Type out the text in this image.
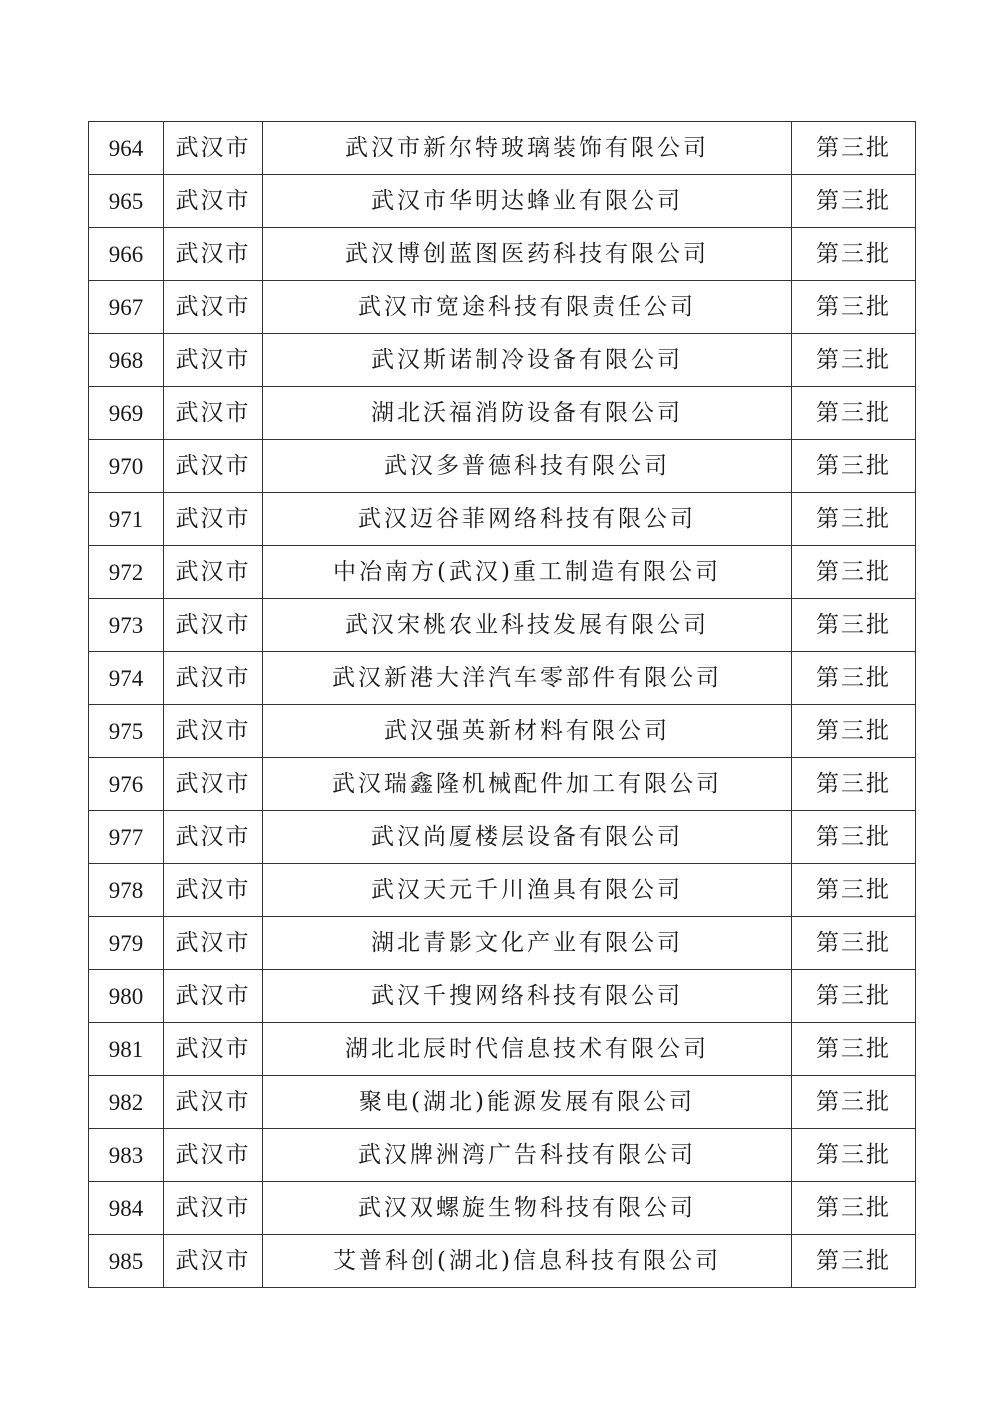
964	武汉市	武汉市新尔特玻璃装饰有限公司	第三批
965	武汉市	武汉市华明达蜂业有限公司	第三批
966	武汉市	武汉博创蓝图医药科技有限公司	第三批
967	武汉市	武汉市宽途科技有限责任公司	第三批
968	武汉市	武汉斯诺制冷设备有限公司	第三批
969	武汉市	湖北沃福消防设备有限公司	第三批
970	武汉市	武汉多普德科技有限公司	第三批
971	武汉市	武汉迈谷菲网络科技有限公司	第三批
972	武汉市	中冶南方(武汉)重工制造有限公司	第三批
973	武汉市	武汉宋桃农业科技发展有限公司	第三批
974	武汉市	武汉新港大洋汽车零部件有限公司	第三批
975	武汉市	武汉强英新材料有限公司	第三批
976	武汉市	武汉瑞鑫隆机械配件加工有限公司	第三批
977	武汉市	武汉尚厦楼层设备有限公司	第三批
978	武汉市	武汉天元千川渔具有限公司	第三批
979	武汉市	湖北青影文化产业有限公司	第三批
980	武汉市	武汉千搜网络科技有限公司	第三批
981	武汉市	湖北北辰时代信息技术有限公司	第三批
982	武汉市	聚电(湖北)能源发展有限公司	第三批
983	武汉市	武汉牌洲湾广告科技有限公司	第三批
984	武汉市	武汉双螺旋生物科技有限公司	第三批
985	武汉市	艾普科创(湖北)信息科技有限公司	第三批
